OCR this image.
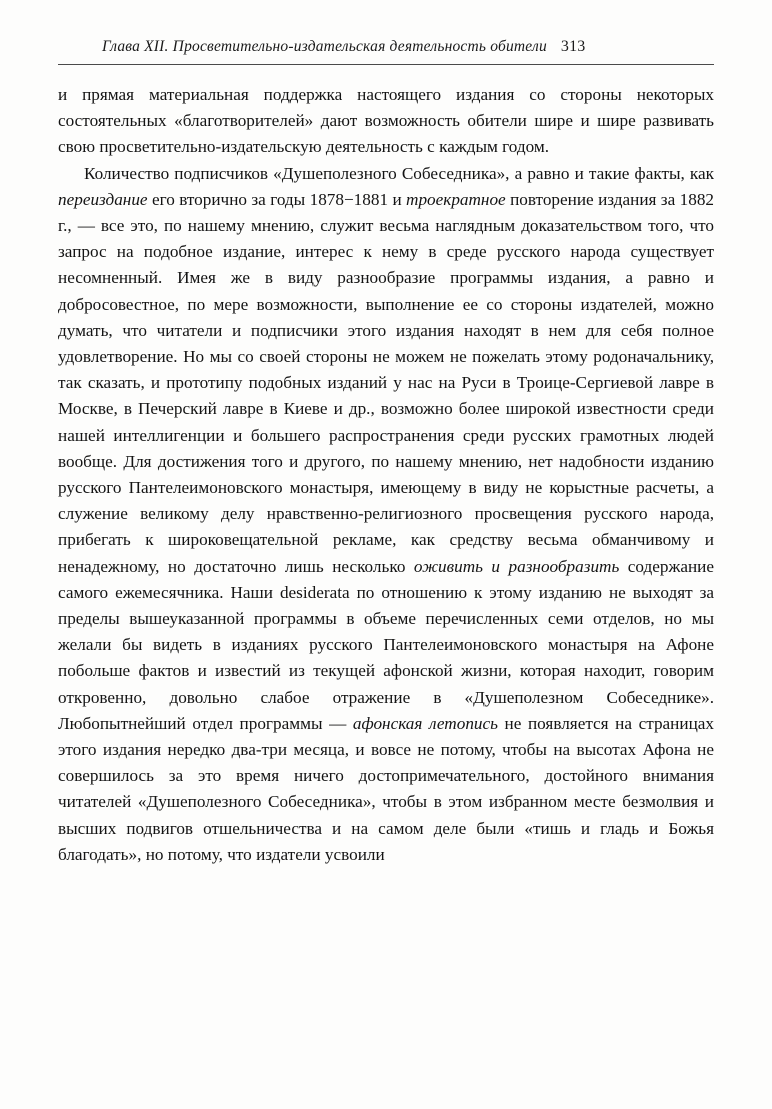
Глава XII. Просветительно-издательская деятельность обители 313

и прямая материальная поддержка настоящего издания со стороны некоторых состоятельных «благотворителей» дают возможность обители шире и шире развивать свою просветительно-издательскую деятельность с каждым годом.

Количество подписчиков «Душеполезного Собеседника», а равно и такие факты, как переиздание его вторично за годы 1878−1881 и троекратное повторение издания за 1882 г., — все это, по нашему мнению, служит весьма наглядным доказательством того, что запрос на подобное издание, интерес к нему в среде русского народа существует несомненный. Имея же в виду разнообразие программы издания, а равно и добросовестное, по мере возможности, выполнение ее со стороны издателей, можно думать, что читатели и подписчики этого издания находят в нем для себя полное удовлетворение. Но мы со своей стороны не можем не пожелать этому родоначальнику, так сказать, и прототипу подобных изданий у нас на Руси в Троице-Сергиевой лавре в Москве, в Печерский лавре в Киеве и др., возможно более широкой известности среди нашей интеллигенции и большего распространения среди русских грамотных людей вообще. Для достижения того и другого, по нашему мнению, нет надобности изданию русского Пантелеимоновского монастыря, имеющему в виду не корыстные расчеты, а служение великому делу нравственно-религиозного просвещения русского народа, прибегать к широковещательной рекламе, как средству весьма обманчивому и ненадежному, но достаточно лишь несколько оживить и разнообразить содержание самого ежемесячника. Наши desiderata по отношению к этому изданию не выходят за пределы вышеуказанной программы в объеме перечисленных семи отделов, но мы желали бы видеть в изданиях русского Пантелеимоновского монастыря на Афоне побольше фактов и известий из текущей афонской жизни, которая находит, говорим откровенно, довольно слабое отражение в «Душеполезном Собеседнике». Любопытнейший отдел программы — афонская летопись не появляется на страницах этого издания нередко два-три месяца, и вовсе не потому, чтобы на высотах Афона не совершилось за это время ничего достопримечательного, достойного внимания читателей «Душеполезного Собеседника», чтобы в этом избранном месте безмолвия и высших подвигов отшельничества и на самом деле были «тишь и гладь и Божья благодать», но потому, что издатели усвоили
